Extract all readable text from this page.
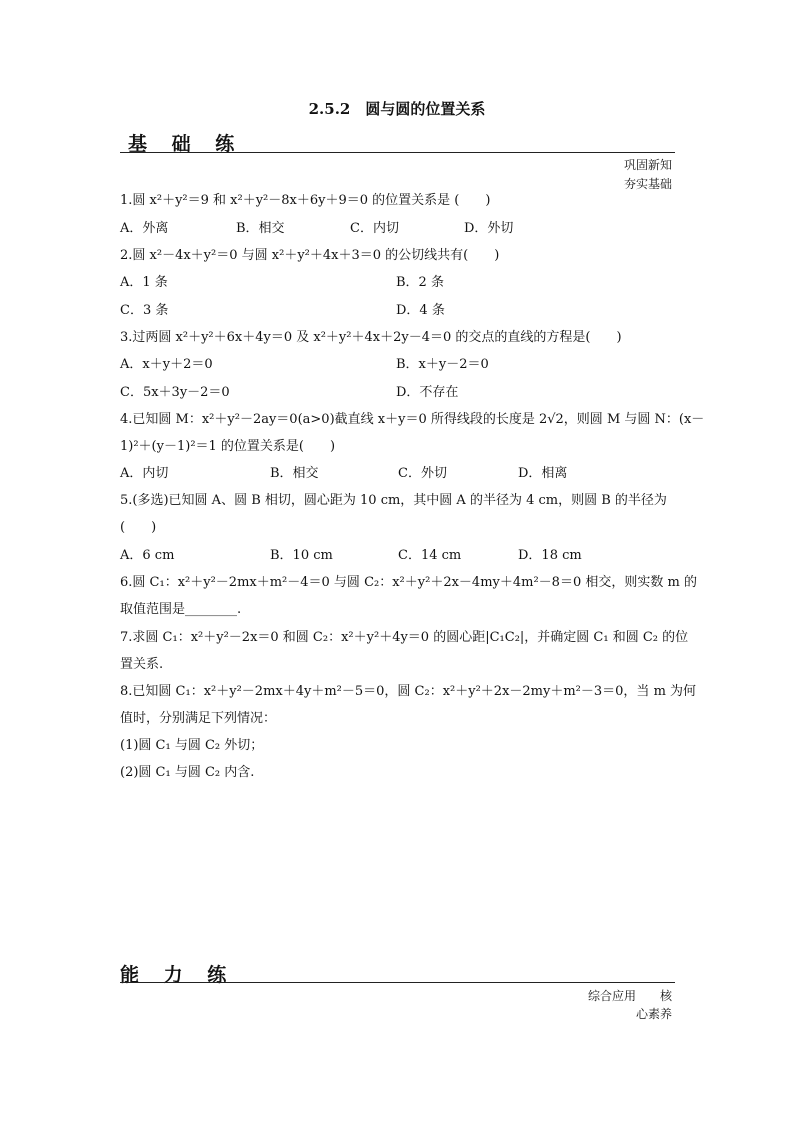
2.5.2　圆与圆的位置关系
基 础 练
巩固新知
夯实基础
1.圆 x²＋y²＝9 和 x²＋y²－8x＋6y＋9＝0 的位置关系是 (　　)
A．外离	B．相交	C．内切	D．外切
2.圆 x²－4x＋y²＝0 与圆 x²＋y²＋4x＋3＝0 的公切线共有(　　)
A．1 条	B．2 条
C．3 条	D．4 条
3.过两圆 x²＋y²＋6x＋4y＝0 及 x²＋y²＋4x＋2y－4＝0 的交点的直线的方程是(　　)
A．x＋y＋2＝0	B．x＋y－2＝0
C．5x＋3y－2＝0	D．不存在
4.已知圆 M：x²＋y²－2ay＝0(a>0)截直线 x＋y＝0 所得线段的长度是 2√2，则圆 M 与圆 N：(x－
1)²＋(y－1)²＝1 的位置关系是(　　)
A．内切	B．相交	C．外切	D．相离
5.(多选)已知圆 A、圆 B 相切，圆心距为 10 cm，其中圆 A 的半径为 4 cm，则圆 B 的半径为
(　　)
A．6 cm	B．10 cm	C．14 cm	D．18 cm
6.圆 C₁：x²＋y²－2mx＋m²－4＝0 与圆 C₂：x²＋y²＋2x－4my＋4m²－8＝0 相交，则实数 m 的
取值范围是________.
7.求圆 C₁：x²＋y²－2x＝0 和圆 C₂：x²＋y²＋4y＝0 的圆心距|C₁C₂|，并确定圆 C₁ 和圆 C₂ 的位
置关系.
8.已知圆 C₁：x²＋y²－2mx＋4y＋m²－5＝0，圆 C₂：x²＋y²＋2x－2my＋m²－3＝0，当 m 为何
值时，分别满足下列情况：
(1)圆 C₁ 与圆 C₂ 外切；
(2)圆 C₁ 与圆 C₂ 内含.
能 力 练
综合应用　　核
心素养
